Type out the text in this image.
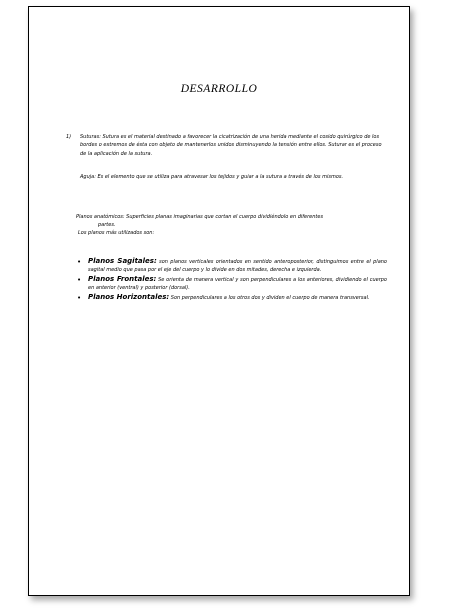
DESARROLLO
1) Suturas: Sutura es el material destinado a favorecer la cicatrización de una herida mediante el cosido quirúrgico de los bordes o extremos de ésta con objeto de mantenerlos unidos disminuyendo la tensión entre ellos. Suturar es el proceso de la aplicación de la sutura.
Aguja: Es el elemento que se utiliza para atravesar los tejidos y guiar a la sutura a través de los mismos.
Planos anatómicos: Superficies planas imaginarias que cortan el cuerpo dividiéndolo en diferentes
partes.
Los planos más utilizados son:
• Planos Sagitales: son planos verticales orientados en sentido anteroposterior, distinguimos entre el plano sagital medio que pasa por el eje del cuerpo y lo divide en dos mitades, derecha e izquierda.
• Planos Frontales: Se orienta de manera vertical y son perpendiculares a los anteriores, dividiendo el cuerpo en anterior (ventral) y posterior (dorsal).
• Planos Horizontales: Son perpendiculares a los otros dos y dividen el cuerpo de manera transversal.
